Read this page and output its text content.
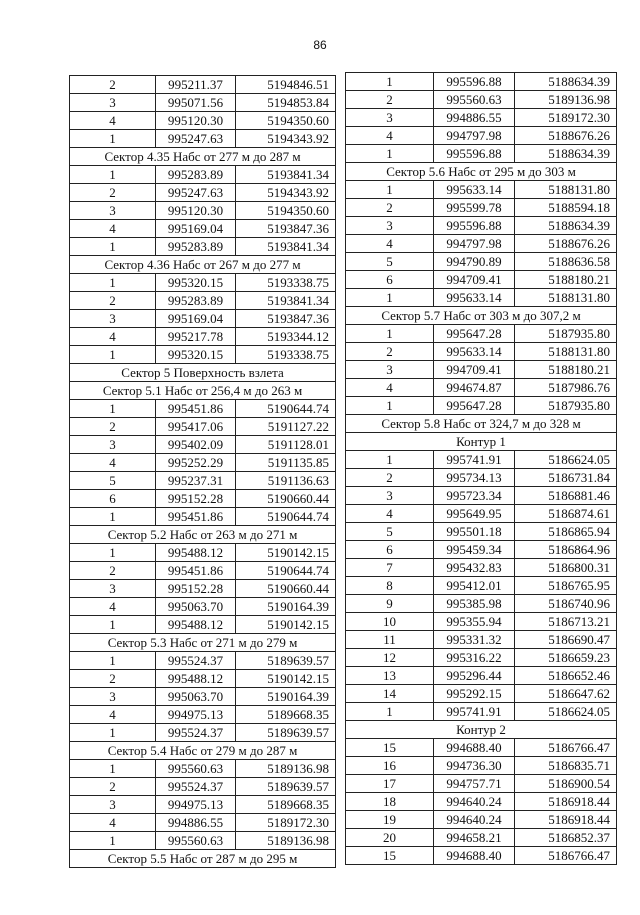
86
2	995211.37	5194846.51
3	995071.56	5194853.84
4	995120.30	5194350.60
1	995247.63	5194343.92
Сектор 4.35 Набс от 277 м до 287 м		
1	995283.89	5193841.34
2	995247.63	5194343.92
3	995120.30	5194350.60
4	995169.04	5193847.36
1	995283.89	5193841.34
Сектор 4.36 Набс от 267 м до 277 м		
1	995320.15	5193338.75
2	995283.89	5193841.34
3	995169.04	5193847.36
4	995217.78	5193344.12
1	995320.15	5193338.75
Сектор 5 Поверхность взлета		
Сектор 5.1 Набс от 256,4 м до 263 м		
1	995451.86	5190644.74
2	995417.06	5191127.22
3	995402.09	5191128.01
4	995252.29	5191135.85
5	995237.31	5191136.63
6	995152.28	5190660.44
1	995451.86	5190644.74
Сектор 5.2 Набс от 263 м до 271 м		
1	995488.12	5190142.15
2	995451.86	5190644.74
3	995152.28	5190660.44
4	995063.70	5190164.39
1	995488.12	5190142.15
Сектор 5.3 Набс от 271 м до 279 м		
1	995524.37	5189639.57
2	995488.12	5190142.15
3	995063.70	5190164.39
4	994975.13	5189668.35
1	995524.37	5189639.57
Сектор 5.4 Набс от 279 м до 287 м		
1	995560.63	5189136.98
2	995524.37	5189639.57
3	994975.13	5189668.35
4	994886.55	5189172.30
1	995560.63	5189136.98
Сектор 5.5 Набс от 287 м до 295 м		
1	995596.88	5188634.39
2	995560.63	5189136.98
3	994886.55	5189172.30
4	994797.98	5188676.26
1	995596.88	5188634.39
Сектор 5.6 Набс от 295 м до 303 м		
1	995633.14	5188131.80
2	995599.78	5188594.18
3	995596.88	5188634.39
4	994797.98	5188676.26
5	994790.89	5188636.58
6	994709.41	5188180.21
1	995633.14	5188131.80
Сектор 5.7 Набс от 303 м до 307,2 м		
1	995647.28	5187935.80
2	995633.14	5188131.80
3	994709.41	5188180.21
4	994674.87	5187986.76
1	995647.28	5187935.80
Сектор 5.8 Набс от 324,7 м до 328 м		
Контур 1		
1	995741.91	5186624.05
2	995734.13	5186731.84
3	995723.34	5186881.46
4	995649.95	5186874.61
5	995501.18	5186865.94
6	995459.34	5186864.96
7	995432.83	5186800.31
8	995412.01	5186765.95
9	995385.98	5186740.96
10	995355.94	5186713.21
11	995331.32	5186690.47
12	995316.22	5186659.23
13	995296.44	5186652.46
14	995292.15	5186647.62
1	995741.91	5186624.05
Контур 2		
15	994688.40	5186766.47
16	994736.30	5186835.71
17	994757.71	5186900.54
18	994640.24	5186918.44
19	994640.24	5186918.44
20	994658.21	5186852.37
15	994688.40	5186766.47
